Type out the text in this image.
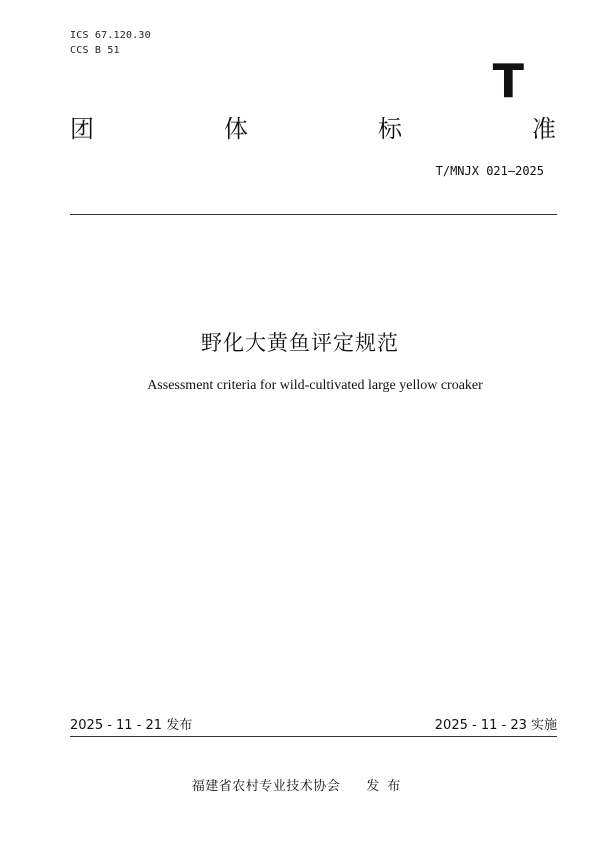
ICS 67.120.30
CCS B 51
T
团	体	标	准
T/MNJX 021—2025
野化大黄鱼评定规范
Assessment criteria for wild-cultivated large yellow croaker
2025 - 11 - 21 发布	2025 - 11 - 23 实施
福建省农村专业技术协会 发布
